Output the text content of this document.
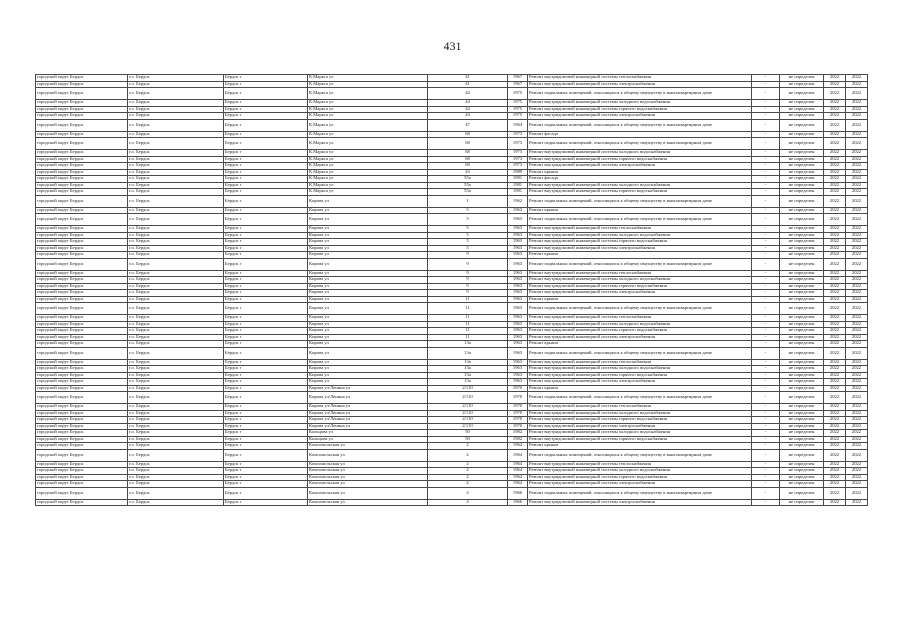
431
городской округ Бердск	г.о. Бердск	Бердск г	К.Маркса ул	41	1967	Ремонт внутридомовой инженерной системы теплоснабжения	-	не определен	2022	2022
городской округ Бердск	г.о. Бердск	Бердск г	К.Маркса ул	41	1967	Ремонт внутридомовой инженерной системы электроснабжения	-	не определен	2022	2022
городской округ Бердск	г.о. Бердск	Бердск г	К.Маркса ул	44	1975	Ремонт подвальных помещений, относящихся к общему имуществу в многоквартирном доме	-	не определен	2022	2022
городской округ Бердск	г.о. Бердск	Бердск г	К.Маркса ул	44	1975	Ремонт внутридомовой инженерной системы холодного водоснабжения	-	не определен	2022	2022
городской округ Бердск	г.о. Бердск	Бердск г	К.Маркса ул	44	1975	Ремонт внутридомовой инженерной системы горячего водоснабжения	-	не определен	2022	2022
городской округ Бердск	г.о. Бердск	Бердск г	К.Маркса ул	44	1975	Ремонт внутридомовой инженерной системы электроснабжения	-	не определен	2022	2022
городской округ Бердск	г.о. Бердск	Бердск г	К.Маркса ул	47	1964	Ремонт подвальных помещений, относящихся к общему имуществу в многоквартирном доме	-	не определен	2022	2022
городской округ Бердск	г.о. Бердск	Бердск г	К.Маркса ул	68	1973	Ремонт фасада	-	не определен	2022	2022
городской округ Бердск	г.о. Бердск	Бердск г	К.Маркса ул	68	1973	Ремонт подвальных помещений, относящихся к общему имуществу в многоквартирном доме	-	не определен	2022	2022
городской округ Бердск	г.о. Бердск	Бердск г	К.Маркса ул	68	1973	Ремонт внутридомовой инженерной системы холодного водоснабжения	-	не определен	2022	2022
городской округ Бердск	г.о. Бердск	Бердск г	К.Маркса ул	68	1973	Ремонт внутридомовой инженерной системы горячего водоснабжения	-	не определен	2022	2022
городской округ Бердск	г.о. Бердск	Бердск г	К.Маркса ул	68	1973	Ремонт внутридомовой инженерной системы электроснабжения	-	не определен	2022	2022
городской округ Бердск	г.о. Бердск	Бердск г	К.Маркса ул	2б	1989	Ремонт крыши	-	не определен	2022	2022
городской округ Бердск	г.о. Бердск	Бердск г	К.Маркса ул	55а	1981	Ремонт фасада	-	не определен	2022	2022
городской округ Бердск	г.о. Бердск	Бердск г	К.Маркса ул	55а	1981	Ремонт внутридомовой инженерной системы холодного водоснабжения	-	не определен	2022	2022
городской округ Бердск	г.о. Бердск	Бердск г	К.Маркса ул	55а	1981	Ремонт внутридомовой инженерной системы горячего водоснабжения	-	не определен	2022	2022
городской округ Бердск	г.о. Бердск	Бердск г	Кирова ул	1	1962	Ремонт подвальных помещений, относящихся к общему имуществу в многоквартирном доме	-	не определен	2022	2022
городской округ Бердск	г.о. Бердск	Бердск г	Кирова ул	5	1963	Ремонт крыши	-	не определен	2022	2022
городской округ Бердск	г.о. Бердск	Бердск г	Кирова ул	5	1963	Ремонт подвальных помещений, относящихся к общему имуществу в многоквартирном доме	-	не определен	2022	2022
городской округ Бердск	г.о. Бердск	Бердск г	Кирова ул	5	1963	Ремонт внутридомовой инженерной системы теплоснабжения	-	не определен	2022	2022
городской округ Бердск	г.о. Бердск	Бердск г	Кирова ул	5	1963	Ремонт внутридомовой инженерной системы холодного водоснабжения	-	не определен	2022	2022
городской округ Бердск	г.о. Бердск	Бердск г	Кирова ул	5	1963	Ремонт внутридомовой инженерной системы горячего водоснабжения	-	не определен	2022	2022
городской округ Бердск	г.о. Бердск	Бердск г	Кирова ул	5	1963	Ремонт внутридомовой инженерной системы электроснабжения	-	не определен	2022	2022
городской округ Бердск	г.о. Бердск	Бердск г	Кирова ул	9	1963	Ремонт крыши	-	не определен	2022	2022
городской округ Бердск	г.о. Бердск	Бердск г	Кирова ул	9	1963	Ремонт подвальных помещений, относящихся к общему имуществу в многоквартирном доме	-	не определен	2022	2022
городской округ Бердск	г.о. Бердск	Бердск г	Кирова ул	9	1963	Ремонт внутридомовой инженерной системы теплоснабжения	-	не определен	2022	2022
городской округ Бердск	г.о. Бердск	Бердск г	Кирова ул	9	1963	Ремонт внутридомовой инженерной системы холодного водоснабжения	-	не определен	2022	2022
городской округ Бердск	г.о. Бердск	Бердск г	Кирова ул	9	1963	Ремонт внутридомовой инженерной системы горячего водоснабжения	-	не определен	2022	2022
городской округ Бердск	г.о. Бердск	Бердск г	Кирова ул	9	1963	Ремонт внутридомовой инженерной системы электроснабжения	-	не определен	2022	2022
городской округ Бердск	г.о. Бердск	Бердск г	Кирова ул	11	1963	Ремонт крыши	-	не определен	2022	2022
городской округ Бердск	г.о. Бердск	Бердск г	Кирова ул	11	1963	Ремонт подвальных помещений, относящихся к общему имуществу в многоквартирном доме	-	не определен	2022	2022
городской округ Бердск	г.о. Бердск	Бердск г	Кирова ул	11	1963	Ремонт внутридомовой инженерной системы теплоснабжения	-	не определен	2022	2022
городской округ Бердск	г.о. Бердск	Бердск г	Кирова ул	11	1963	Ремонт внутридомовой инженерной системы холодного водоснабжения	-	не определен	2022	2022
городской округ Бердск	г.о. Бердск	Бердск г	Кирова ул	11	1963	Ремонт внутридомовой инженерной системы горячего водоснабжения	-	не определен	2022	2022
городской округ Бердск	г.о. Бердск	Бердск г	Кирова ул	11	1963	Ремонт внутридомовой инженерной системы электроснабжения	-	не определен	2022	2022
городской округ Бердск	г.о. Бердск	Бердск г	Кирова ул	13а	1963	Ремонт крыши	-	не определен	2022	2022
городской округ Бердск	г.о. Бердск	Бердск г	Кирова ул	13а	1963	Ремонт подвальных помещений, относящихся к общему имуществу в многоквартирном доме	-	не определен	2022	2022
городской округ Бердск	г.о. Бердск	Бердск г	Кирова ул	13а	1963	Ремонт внутридомовой инженерной системы теплоснабжения	-	не определен	2022	2022
городской округ Бердск	г.о. Бердск	Бердск г	Кирова ул	13а	1963	Ремонт внутридомовой инженерной системы холодного водоснабжения	-	не определен	2022	2022
городской округ Бердск	г.о. Бердск	Бердск г	Кирова ул	13а	1963	Ремонт внутридомовой инженерной системы горячего водоснабжения	-	не определен	2022	2022
городской округ Бердск	г.о. Бердск	Бердск г	Кирова ул	13а	1963	Ремонт внутридомовой инженерной системы электроснабжения	-	не определен	2022	2022
городской округ Бердск	г.о. Бердск	Бердск г	Кирова ул/Ленина ул	2/110	1970	Ремонт крыши	-	не определен	2022	2022
городской округ Бердск	г.о. Бердск	Бердск г	Кирова ул/Ленина ул	2/110	1970	Ремонт подвальных помещений, относящихся к общему имуществу в многоквартирном доме	-	не определен	2022	2022
городской округ Бердск	г.о. Бердск	Бердск г	Кирова ул/Ленина ул	2/110	1970	Ремонт внутридомовой инженерной системы теплоснабжения	-	не определен	2022	2022
городской округ Бердск	г.о. Бердск	Бердск г	Кирова ул/Ленина ул	2/110	1970	Ремонт внутридомовой инженерной системы холодного водоснабжения	-	не определен	2022	2022
городской округ Бердск	г.о. Бердск	Бердск г	Кирова ул/Ленина ул	2/110	1970	Ремонт внутридомовой инженерной системы горячего водоснабжения	-	не определен	2022	2022
городской округ Бердск	г.о. Бердск	Бердск г	Кирова ул/Ленина ул	2/110	1970	Ремонт внутридомовой инженерной системы электроснабжения	-	не определен	2022	2022
городской округ Бердск	г.о. Бердск	Бердск г	Кольцова ул	50	1982	Ремонт внутридомовой инженерной системы холодного водоснабжения	-	не определен	2022	2022
городской округ Бердск	г.о. Бердск	Бердск г	Кольцова ул	50	1982	Ремонт внутридомовой инженерной системы горячего водоснабжения	-	не определен	2022	2022
городской округ Бердск	г.о. Бердск	Бердск г	Комсомольская ул	2	1964	Ремонт крыши	-	не определен	2022	2022
городской округ Бердск	г.о. Бердск	Бердск г	Комсомольская ул	2	1964	Ремонт подвальных помещений, относящихся к общему имуществу в многоквартирном доме	-	не определен	2022	2022
городской округ Бердск	г.о. Бердск	Бердск г	Комсомольская ул	2	1964	Ремонт внутридомовой инженерной системы теплоснабжения	-	не определен	2022	2022
городской округ Бердск	г.о. Бердск	Бердск г	Комсомольская ул	2	1964	Ремонт внутридомовой инженерной системы холодного водоснабжения	-	не определен	2022	2022
городской округ Бердск	г.о. Бердск	Бердск г	Комсомольская ул	2	1964	Ремонт внутридомовой инженерной системы горячего водоснабжения	-	не определен	2022	2022
городской округ Бердск	г.о. Бердск	Бердск г	Комсомольская ул	2	1964	Ремонт внутридомовой инженерной системы электроснабжения	-	не определен	2022	2022
городской округ Бердск	г.о. Бердск	Бердск г	Комсомольская ул	4	1966	Ремонт подвальных помещений, относящихся к общему имуществу в многоквартирном доме	-	не определен	2022	2022
городской округ Бердск	г.о. Бердск	Бердск г	Комсомольская ул	4	1966	Ремонт внутридомовой инженерной системы электроснабжения	-	не определен	2022	2022
